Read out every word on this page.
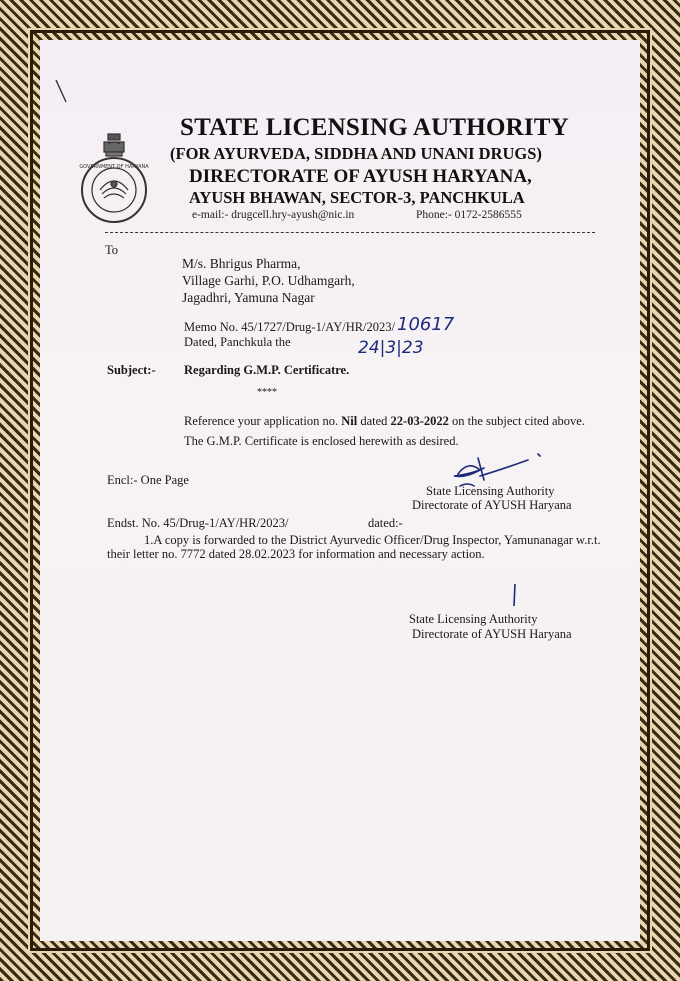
GOVERNMENT OF HARYANA
STATE LICENSING AUTHORITY
(FOR AYURVEDA, SIDDHA AND UNANI DRUGS)
DIRECTORATE OF AYUSH HARYANA,
AYUSH BHAWAN, SECTOR-3, PANCHKULA
e-mail:- drugcell.hry-ayush@nic.in	Phone:- 0172-2586555
To
M/s. Bhrigus Pharma,
Village Garhi, P.O. Udhamgarh,
Jagadhri, Yamuna Nagar
Memo No. 45/1727/Drug-1/AY/HR/2023/ 10617
Dated, Panchkula the	24|3|23
Subject:- Regarding G.M.P. Certificatre.
****
Reference your application no. Nil dated 22-03-2022 on the subject cited above.
The G.M.P. Certificate is enclosed herewith as desired.
Encl:- One Page
State Licensing Authority
Directorate of AYUSH Haryana
Endst. No. 45/Drug-1/AY/HR/2023/	dated:-
1.A copy is forwarded to the District Ayurvedic Officer/Drug Inspector, Yamunanagar w.r.t.
their letter no. 7772 dated 28.02.2023 for information and necessary action.
State Licensing Authority
Directorate of AYUSH Haryana
